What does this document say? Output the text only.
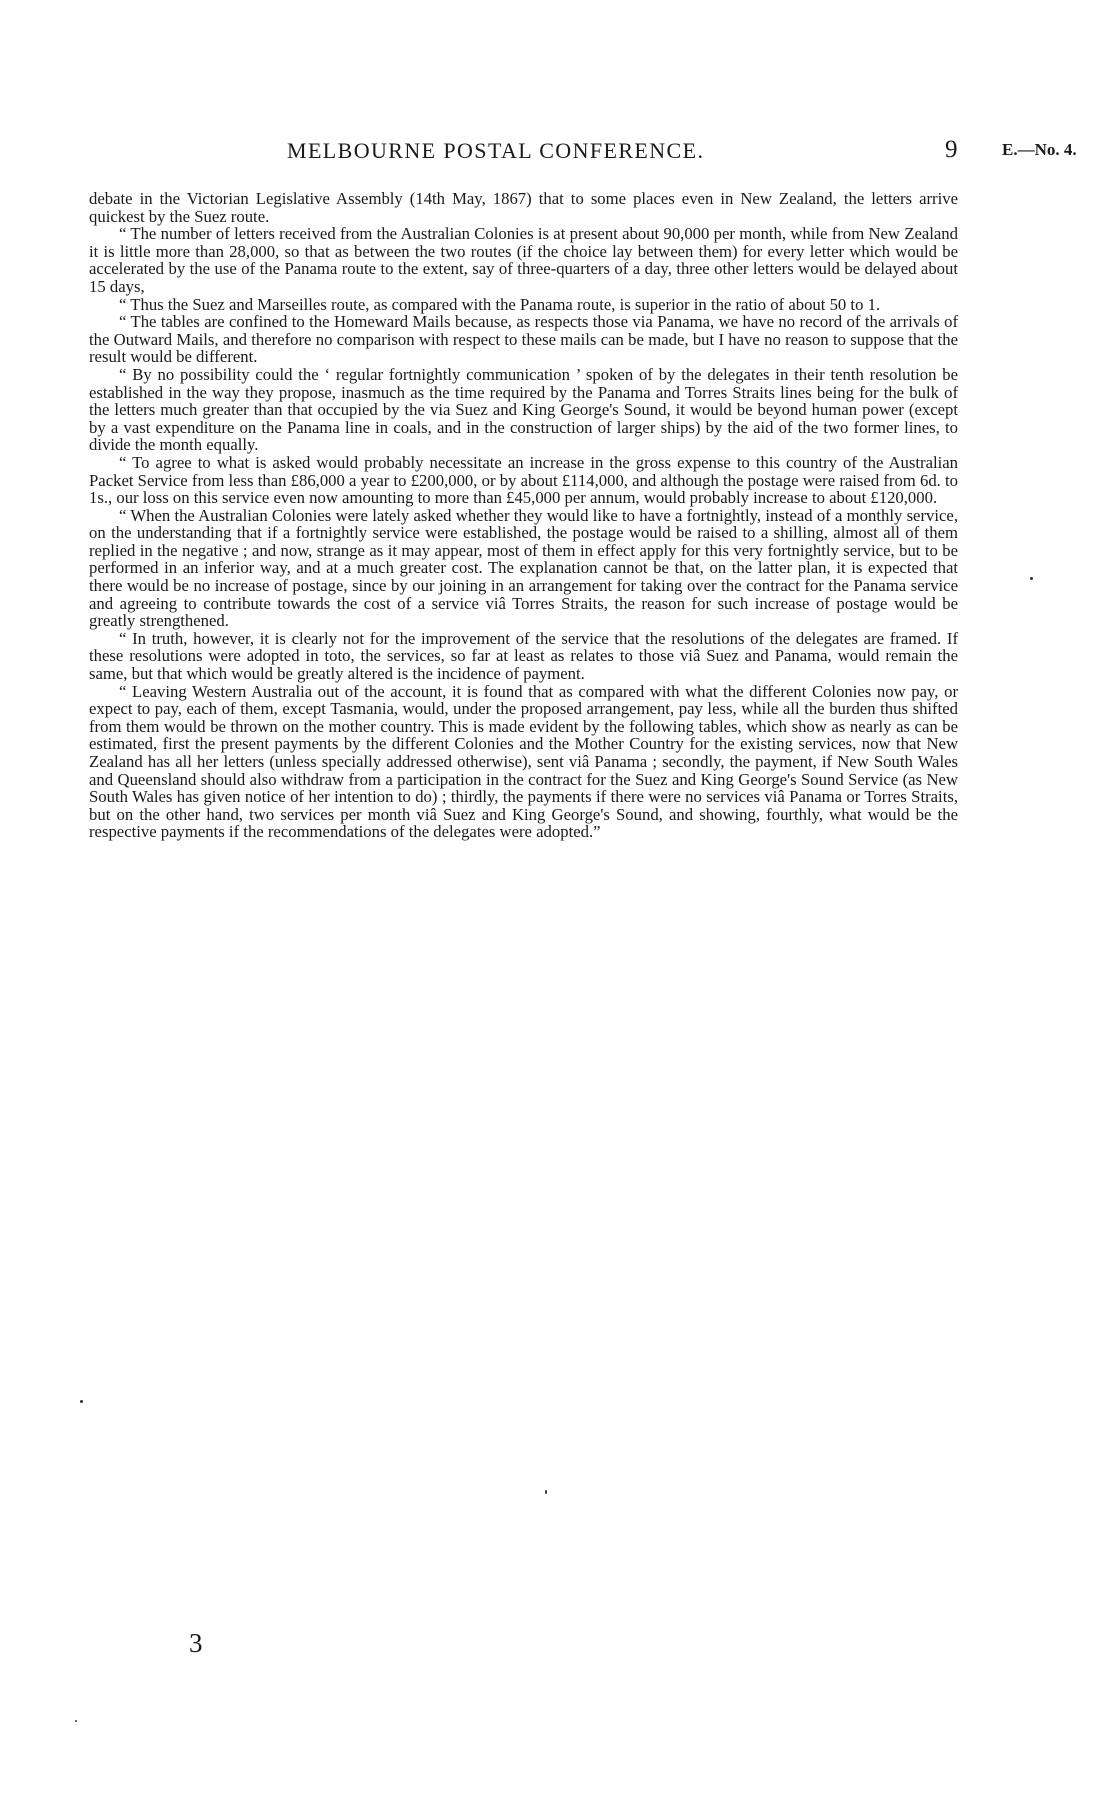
MELBOURNE POSTAL CONFERENCE.	9	E.—No. 4.

debate in the Victorian Legislative Assembly (14th May, 1867) that to some places even in New Zealand, the letters arrive quickest by the Suez route.

“ The number of letters received from the Australian Colonies is at present about 90,000 per month, while from New Zealand it is little more than 28,000, so that as between the two routes (if the choice lay between them) for every letter which would be accelerated by the use of the Panama route to the extent, say of three-quarters of a day, three other letters would be delayed about 15 days,

“ Thus the Suez and Marseilles route, as compared with the Panama route, is superior in the ratio of about 50 to 1.

“ The tables are confined to the Homeward Mails because, as respects those via Panama, we have no record of the arrivals of the Outward Mails, and therefore no comparison with respect to these mails can be made, but I have no reason to suppose that the result would be different.

“ By no possibility could the ‘ regular fortnightly communication ’ spoken of by the delegates in their tenth resolution be established in the way they propose, inasmuch as the time required by the Panama and Torres Straits lines being for the bulk of the letters much greater than that occupied by the via Suez and King George's Sound, it would be beyond human power (except by a vast expenditure on the Panama line in coals, and in the construction of larger ships) by the aid of the two former lines, to divide the month equally.

“ To agree to what is asked would probably necessitate an increase in the gross expense to this country of the Australian Packet Service from less than £86,000 a year to £200,000, or by about £114,000, and although the postage were raised from 6d. to 1s., our loss on this service even now amounting to more than £45,000 per annum, would probably increase to about £120,000.

“ When the Australian Colonies were lately asked whether they would like to have a fortnightly, instead of a monthly service, on the understanding that if a fortnightly service were established, the postage would be raised to a shilling, almost all of them replied in the negative ; and now, strange as it may appear, most of them in effect apply for this very fortnightly service, but to be performed in an inferior way, and at a much greater cost. The explanation cannot be that, on the latter plan, it is expected that there would be no increase of postage, since by our joining in an arrangement for taking over the contract for the Panama service and agreeing to contribute towards the cost of a service viâ Torres Straits, the reason for such increase of postage would be greatly strengthened.

“ In truth, however, it is clearly not for the improvement of the service that the resolutions of the delegates are framed. If these resolutions were adopted in toto, the services, so far at least as relates to those viâ Suez and Panama, would remain the same, but that which would be greatly altered is the incidence of payment.

“ Leaving Western Australia out of the account, it is found that as compared with what the different Colonies now pay, or expect to pay, each of them, except Tasmania, would, under the proposed arrangement, pay less, while all the burden thus shifted from them would be thrown on the mother country. This is made evident by the following tables, which show as nearly as can be estimated, first the present payments by the different Colonies and the Mother Country for the existing services, now that New Zealand has all her letters (unless specially addressed otherwise), sent viâ Panama ; secondly, the payment, if New South Wales and Queensland should also withdraw from a participation in the contract for the Suez and King George's Sound Service (as New South Wales has given notice of her intention to do) ; thirdly, the payments if there were no services viâ Panama or Torres Straits, but on the other hand, two services per month viâ Suez and King George's Sound, and showing, fourthly, what would be the respective payments if the recommendations of the delegates were adopted.”

3
